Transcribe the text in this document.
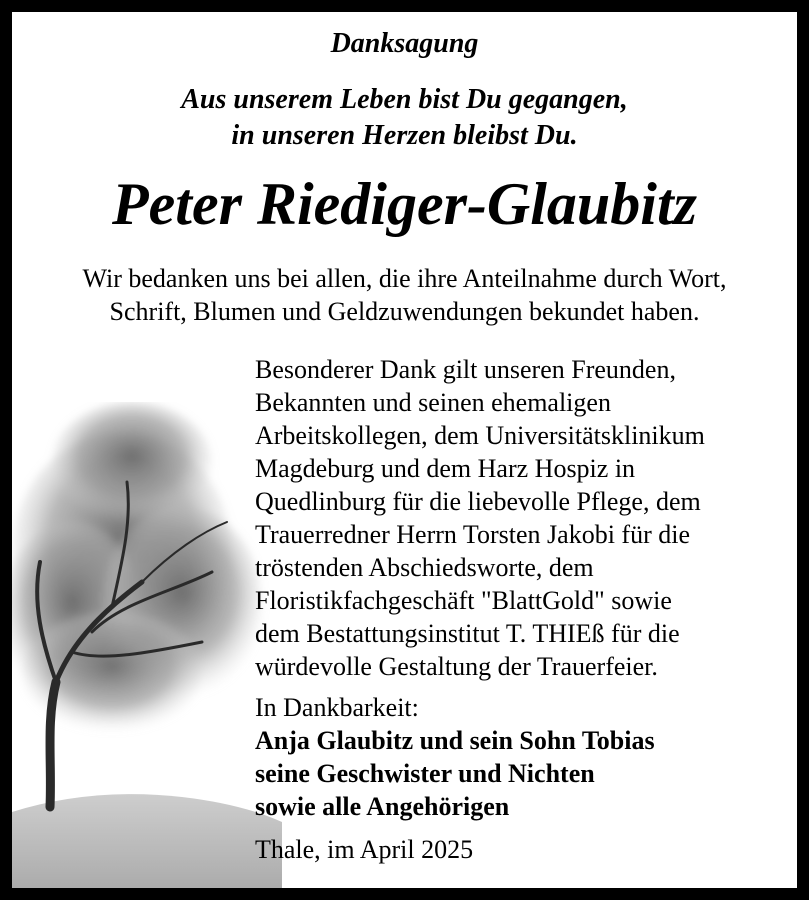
Danksagung
Aus unserem Leben bist Du gegangen,
in unseren Herzen bleibst Du.
Peter Riediger-Glaubitz
Wir bedanken uns bei allen, die ihre Anteilnahme durch Wort,
Schrift, Blumen und Geldzuwendungen bekundet haben.

Besonderer Dank gilt unseren Freunden,

Bekannten und seinen ehemaligen

Arbeitskollegen, dem Universitätsklinikum

Magdeburg und dem Harz Hospiz in

Quedlinburg für die liebevolle Pflege, dem

Trauerredner Herrn Torsten Jakobi für die

tröstenden Abschiedsworte, dem

Floristikfachgeschäft "BlattGold" sowie

dem Bestattungsinstitut T. THIEß für die

würdevolle Gestaltung der Trauerfeier.

In Dankbarkeit:

Anja Glaubitz und sein Sohn Tobias

seine Geschwister und Nichten

sowie alle Angehörigen

Thale, im April 2025
